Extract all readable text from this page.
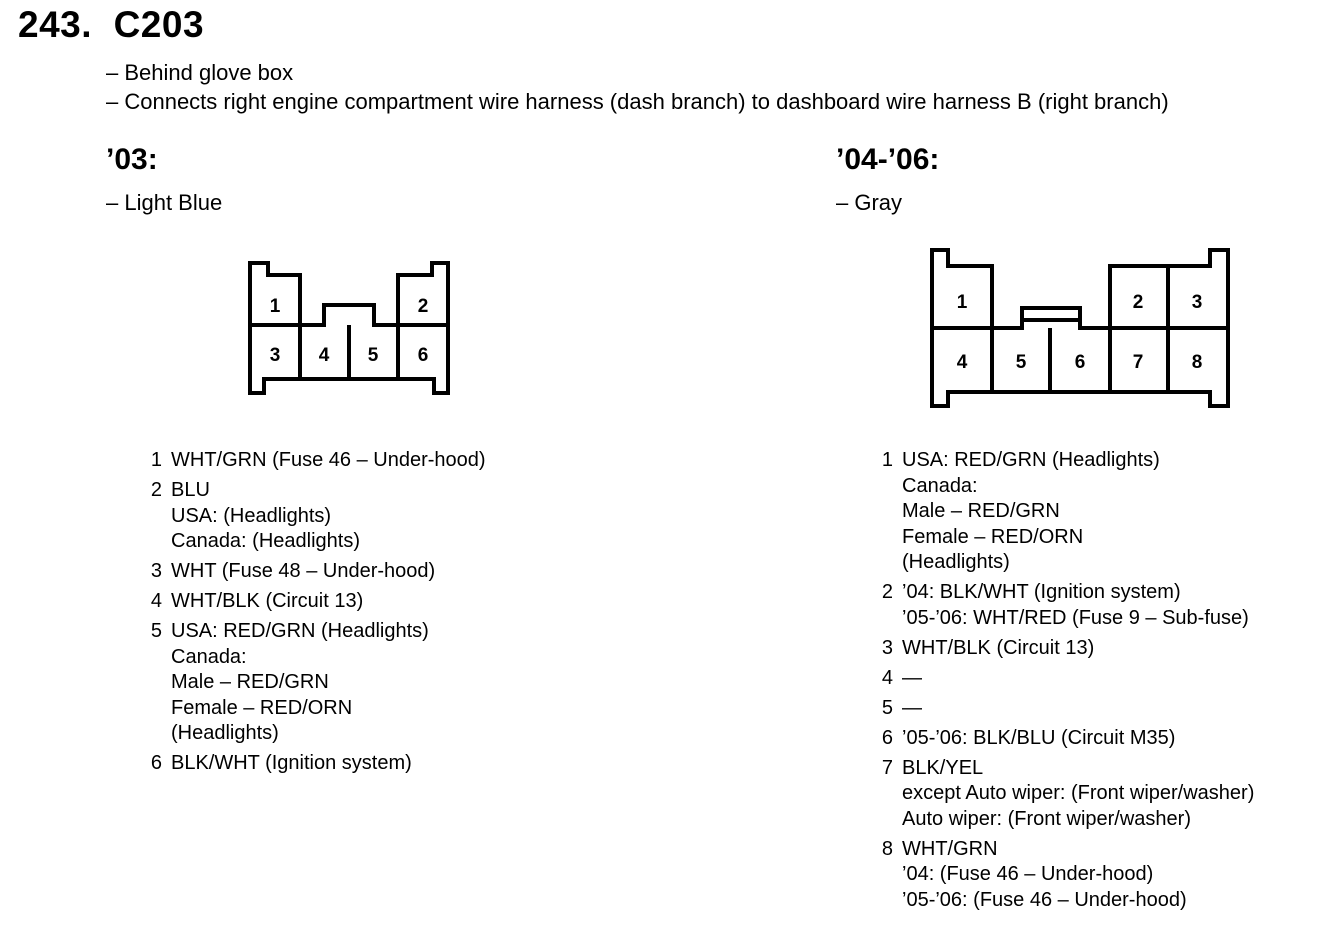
243. C203
– Behind glove box
– Connects right engine compartment wire harness (dash branch) to dashboard wire harness B (right branch)
’03:
– Light Blue
1	2
3 4 5 6
1 WHT/GRN (Fuse 46 – Under-hood)
2 BLU
USA: (Headlights)
Canada: (Headlights)
3 WHT (Fuse 48 – Under-hood)
4 WHT/BLK (Circuit 13)
5 USA: RED/GRN (Headlights)
Canada:
Male – RED/GRN
Female – RED/ORN
(Headlights)
6 BLK/WHT (Ignition system)
’04-’06:
– Gray
1	2	3
4	5	6 7	8
1 USA: RED/GRN (Headlights)
Canada:
Male – RED/GRN
Female – RED/ORN
(Headlights)
2 ’04: BLK/WHT (Ignition system)
’05-’06: WHT/RED (Fuse 9 – Sub-fuse)
3 WHT/BLK (Circuit 13)
4 —
5 —
6 ’05-’06: BLK/BLU (Circuit M35)
7 BLK/YEL
except Auto wiper: (Front wiper/washer)
Auto wiper: (Front wiper/washer)
8 WHT/GRN
’04: (Fuse 46 – Under-hood)
’05-’06: (Fuse 46 – Under-hood)
